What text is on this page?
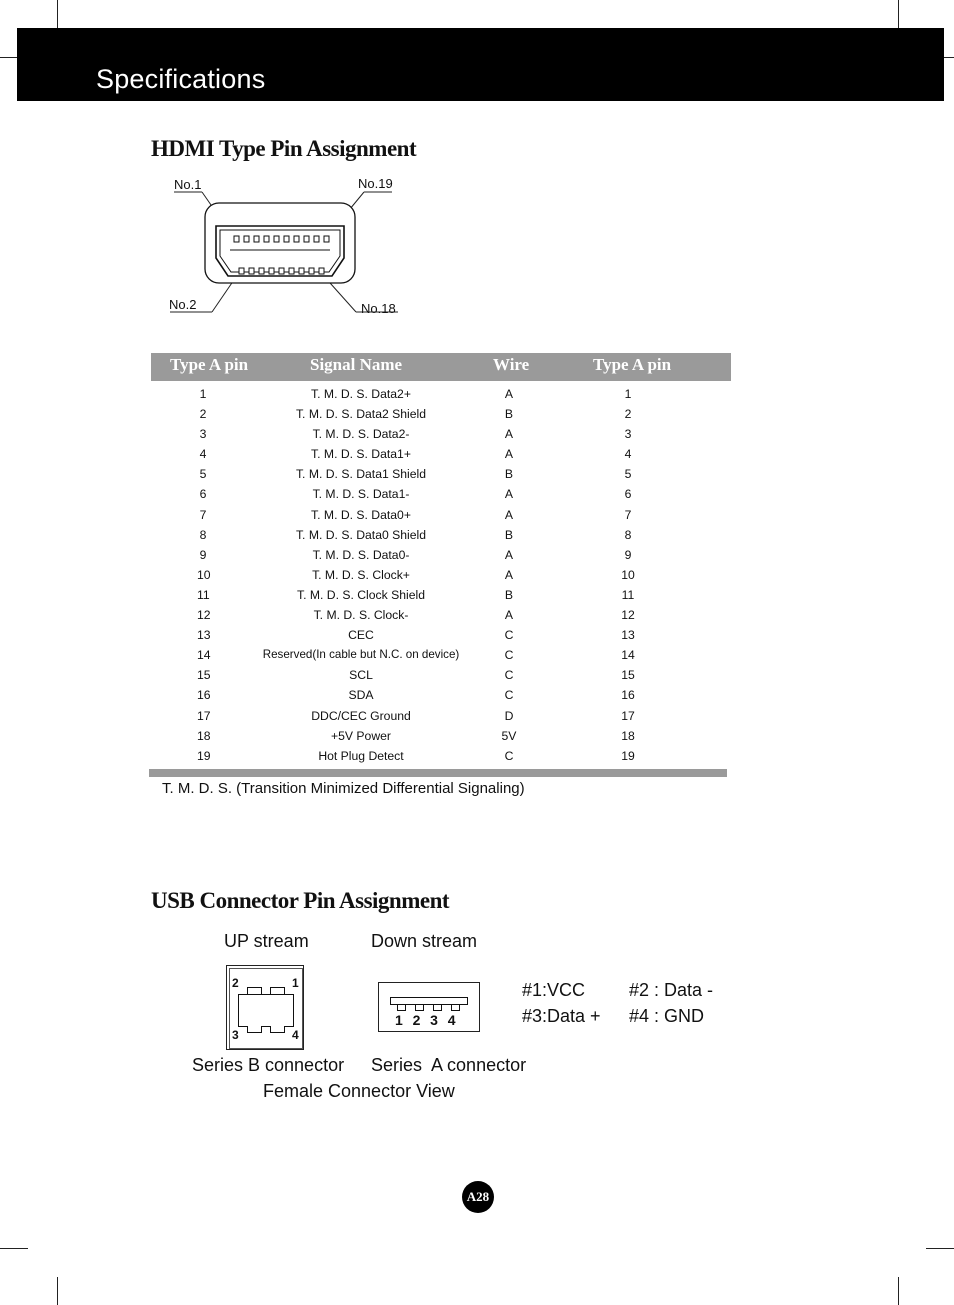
Specifications
HDMI Type Pin Assignment
No.1	No.19
No.2	No.18
Type A pin	Signal Name	Wire	Type A pin
1	T. M. D. S. Data2+	A	1
2	T. M. D. S. Data2 Shield	B	2
3	T. M. D. S. Data2-	A	3
4	T. M. D. S. Data1+	A	4
5	T. M. D. S. Data1 Shield	B	5
6	T. M. D. S. Data1-	A	6
7	T. M. D. S. Data0+	A	7
8	T. M. D. S. Data0 Shield	B	8
9	T. M. D. S. Data0-	A	9
10	T. M. D. S. Clock+	A	10
11	T. M. D. S. Clock Shield	B	11
12	T. M. D. S. Clock-	A	12
13	CEC	C	13
14	Reserved(In cable but N.C. on device)	C	14
15	SCL	C	15
16	SDA	C	16
17	DDC/CEC Ground	D	17
18	+5V Power	5V	18
19	Hot Plug Detect	C	19
T. M. D. S. (Transition Minimized Differential Signaling)
USB Connector Pin Assignment
UP stream	Down stream
2	1
3	4
1  2  3  4
#1:VCC #2 : Data -
#3:Data + #4 : GND
Series B connector Series  A connector
Female Connector View
A28
